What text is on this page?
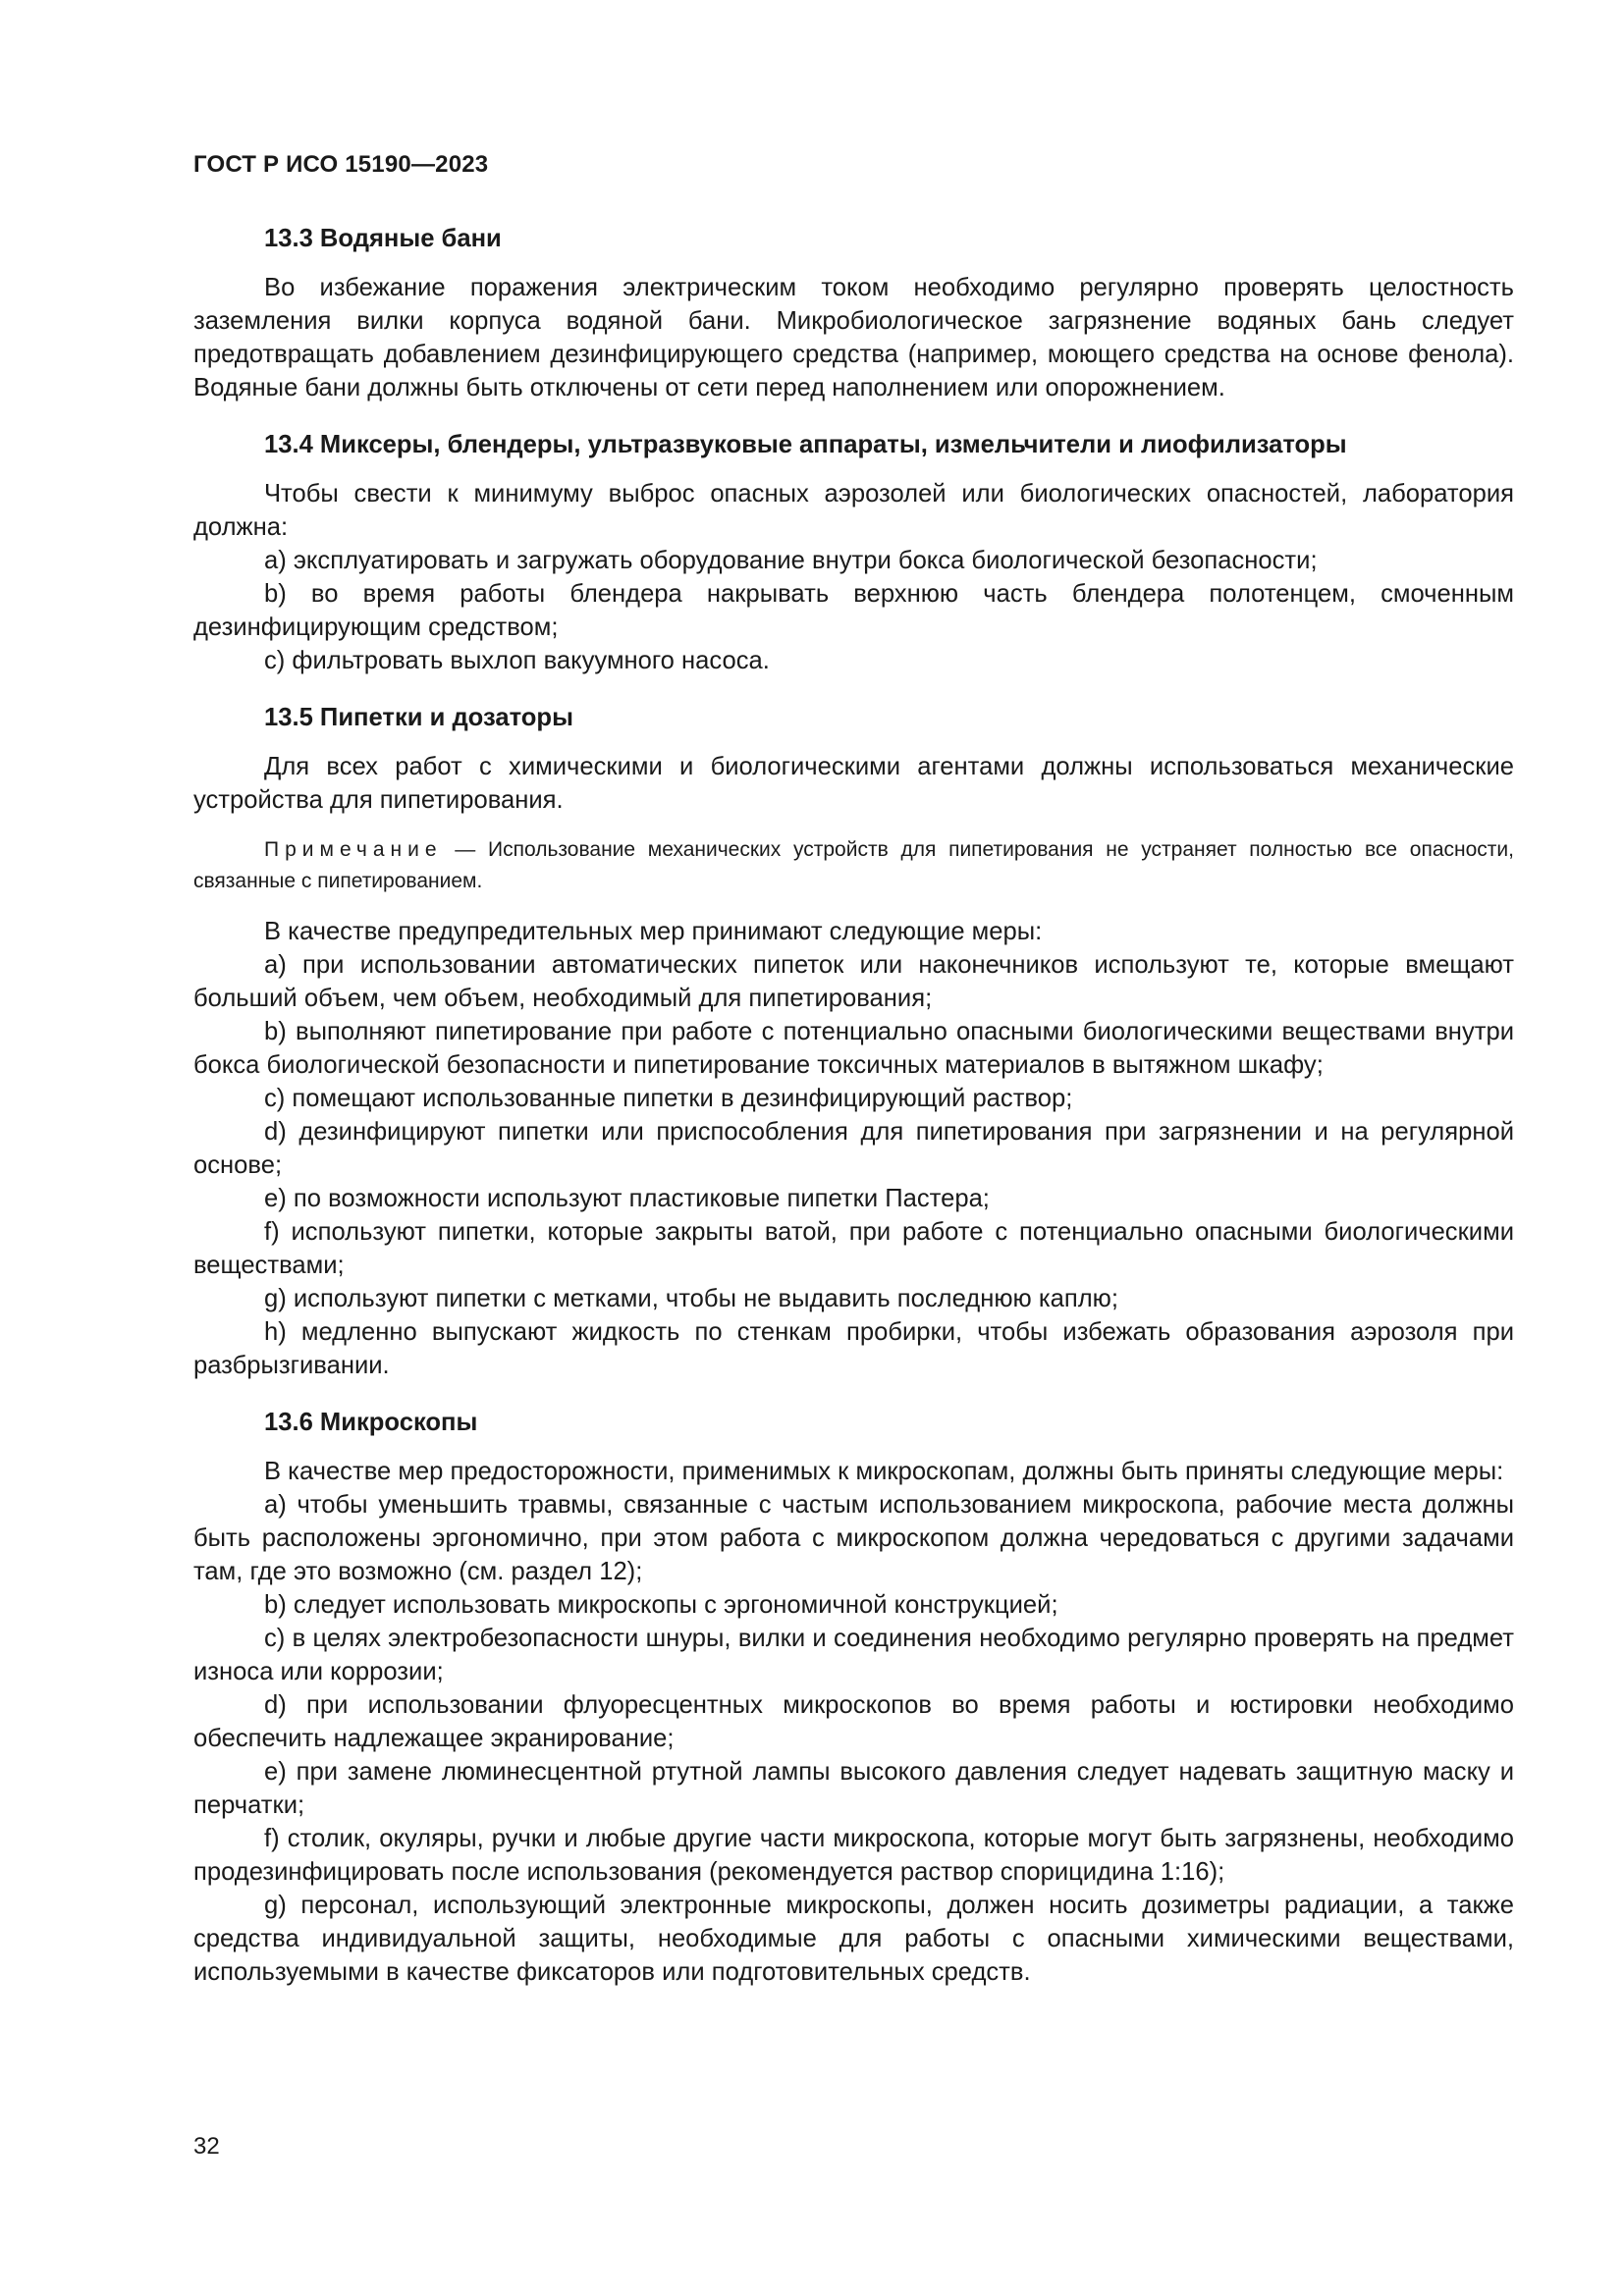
ГОСТ Р ИСО 15190—2023
13.3 Водяные бани

Во избежание поражения электрическим током необходимо регулярно проверять целостность заземления вилки корпуса водяной бани. Микробиологическое загрязнение водяных бань следует предотвращать добавлением дезинфицирующего средства (например, моющего средства на основе фенола). Водяные бани должны быть отключены от сети перед наполнением или опорожнением.

13.4 Миксеры, блендеры, ультразвуковые аппараты, измельчители и лиофилизаторы

Чтобы свести к минимуму выброс опасных аэрозолей или биологических опасностей, лаборатория должна:

a) эксплуатировать и загружать оборудование внутри бокса биологической безопасности;

b) во время работы блендера накрывать верхнюю часть блендера полотенцем, смоченным дезинфицирующим средством;

c) фильтровать выхлоп вакуумного насоса.

13.5 Пипетки и дозаторы

Для всех работ с химическими и биологическими агентами должны использоваться механические устройства для пипетирования.

Примечание — Использование механических устройств для пипетирования не устраняет полностью все опасности, связанные с пипетированием.

В качестве предупредительных мер принимают следующие меры:

a) при использовании автоматических пипеток или наконечников используют те, которые вмещают больший объем, чем объем, необходимый для пипетирования;

b) выполняют пипетирование при работе с потенциально опасными биологическими веществами внутри бокса биологической безопасности и пипетирование токсичных материалов в вытяжном шкафу;

c) помещают использованные пипетки в дезинфицирующий раствор;

d) дезинфицируют пипетки или приспособления для пипетирования при загрязнении и на регулярной основе;

e) по возможности используют пластиковые пипетки Пастера;

f) используют пипетки, которые закрыты ватой, при работе с потенциально опасными биологическими веществами;

g) используют пипетки с метками, чтобы не выдавить последнюю каплю;

h) медленно выпускают жидкость по стенкам пробирки, чтобы избежать образования аэрозоля при разбрызгивании.

13.6 Микроскопы

В качестве мер предосторожности, применимых к микроскопам, должны быть приняты следующие меры:

a) чтобы уменьшить травмы, связанные с частым использованием микроскопа, рабочие места должны быть расположены эргономично, при этом работа с микроскопом должна чередоваться с другими задачами там, где это возможно (см. раздел 12);

b) следует использовать микроскопы с эргономичной конструкцией;

c) в целях электробезопасности шнуры, вилки и соединения необходимо регулярно проверять на предмет износа или коррозии;

d) при использовании флуоресцентных микроскопов во время работы и юстировки необходимо обеспечить надлежащее экранирование;

e) при замене люминесцентной ртутной лампы высокого давления следует надевать защитную маску и перчатки;

f) столик, окуляры, ручки и любые другие части микроскопа, которые могут быть загрязнены, необходимо продезинфицировать после использования (рекомендуется раствор спорицидина 1:16);

g) персонал, использующий электронные микроскопы, должен носить дозиметры радиации, а также средства индивидуальной защиты, необходимые для работы с опасными химическими веществами, используемыми в качестве фиксаторов или подготовительных средств.

32
